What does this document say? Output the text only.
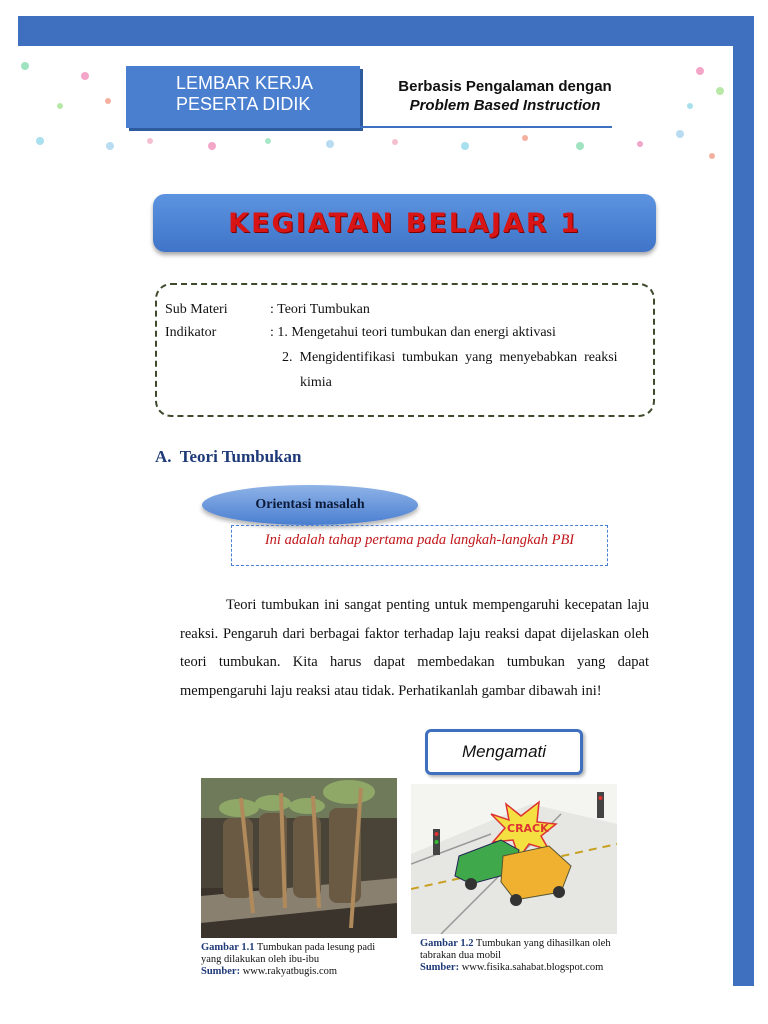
LEMBAR KERJA
PESERTA DIDIK
Berbasis Pengalaman dengan
Problem Based Instruction
KEGIATAN BELAJAR 1
Sub Materi	: Teori Tumbukan
Indikator	: 1. Mengetahui teori tumbukan dan energi aktivasi
2.  Mengidentifikasi  tumbukan  yang  menyebabkan  reaksi
kimia
A.  Teori Tumbukan
Orientasi masalah
Ini adalah tahap pertama pada langkah-langkah PBI
Teori tumbukan ini sangat penting untuk mempengaruhi kecepatan laju reaksi. Pengaruh dari berbagai faktor terhadap laju reaksi dapat dijelaskan oleh teori tumbukan. Kita harus dapat membedakan tumbukan yang dapat mempengaruhi laju reaksi atau tidak. Perhatikanlah gambar dibawah ini!
Mengamati
Gambar 1.1 Tumbukan pada lesung padi yang dilakukan oleh ibu-ibu
Sumber: www.rakyatbugis.com
CRACK
Gambar 1.2 Tumbukan yang dihasilkan oleh tabrakan dua mobil
Sumber: www.fisika.sahabat.blogspot.com
